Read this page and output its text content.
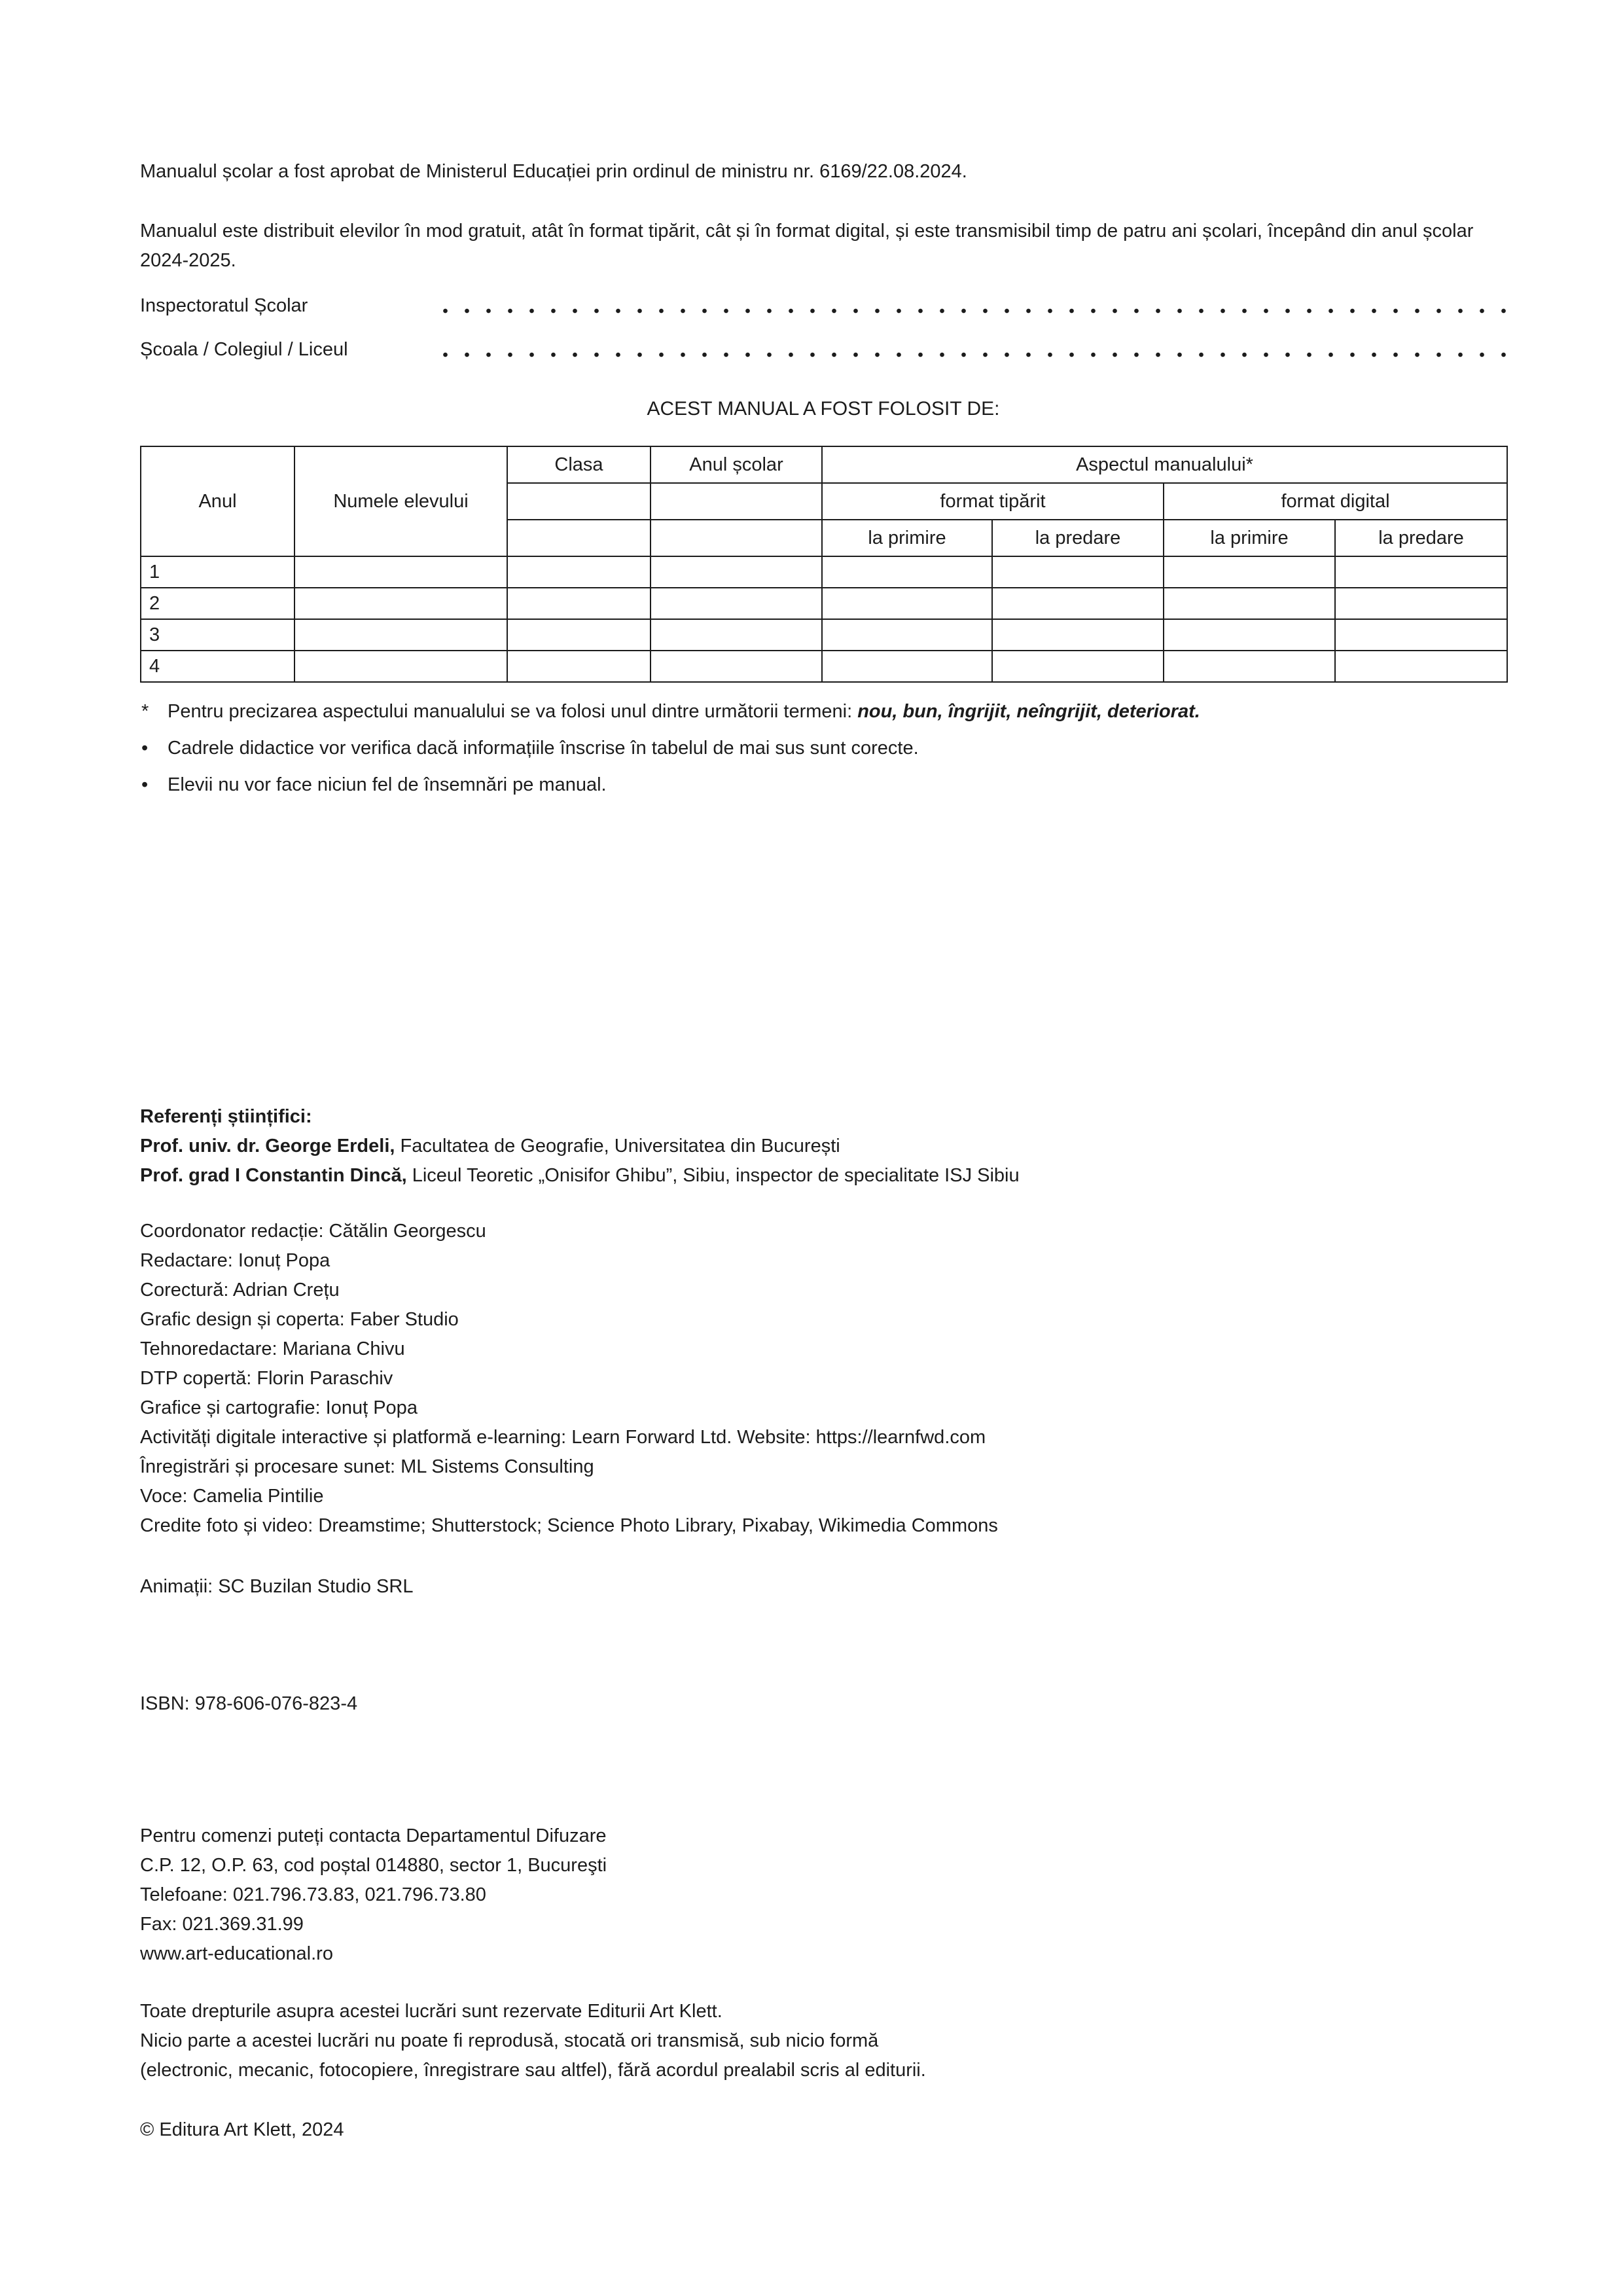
Manualul școlar a fost aprobat de Ministerul Educației prin ordinul de ministru nr. 6169/22.08.2024.

Manualul este distribuit elevilor în mod gratuit, atât în format tipărit, cât și în format digital, și este transmisibil timp de patru ani școlari, începând din anul școlar 2024-2025.

Inspectoratul Școlar
Școala / Colegiul / Liceul

ACEST MANUAL A FOST FOLOSIT DE:

Anul	Numele elevului	Clasa	Anul școlar	Aspectul manualului*			
				format tipărit		format digital	
				la primire	la predare	la primire	la predare
1							
2							
3							
4							

* Pentru precizarea aspectului manualului se va folosi unul dintre următorii termeni: nou, bun, îngrijit, neîngrijit, deteriorat.

• Cadrele didactice vor verifica dacă informațiile înscrise în tabelul de mai sus sunt corecte.

• Elevii nu vor face niciun fel de însemnări pe manual.

Referenți științifici:

Prof. univ. dr. George Erdeli, Facultatea de Geografie, Universitatea din București

Prof. grad I Constantin Dincă, Liceul Teoretic „Onisifor Ghibu”, Sibiu, inspector de specialitate ISJ Sibiu

Coordonator redacție: Cătălin Georgescu

Redactare: Ionuț Popa

Corectură: Adrian Crețu

Grafic design și coperta: Faber Studio

Tehnoredactare: Mariana Chivu

DTP copertă: Florin Paraschiv

Grafice și cartografie: Ionuț Popa

Activități digitale interactive și platformă e-learning: Learn Forward Ltd. Website: https://learnfwd.com

Înregistrări și procesare sunet: ML Sistems Consulting

Voce: Camelia Pintilie

Credite foto și video: Dreamstime; Shutterstock; Science Photo Library, Pixabay, Wikimedia Commons

Animații: SC Buzilan Studio SRL

ISBN: 978-606-076-823-4

Pentru comenzi puteți contacta Departamentul Difuzare

C.P. 12, O.P. 63, cod poștal 014880, sector 1, Bucureşti

Telefoane: 021.796.73.83, 021.796.73.80

Fax: 021.369.31.99

www.art-educational.ro

Toate drepturile asupra acestei lucrări sunt rezervate Editurii Art Klett.

Nicio parte a acestei lucrări nu poate fi reprodusă, stocată ori transmisă, sub nicio formă

(electronic, mecanic, fotocopiere, înregistrare sau altfel), fără acordul prealabil scris al editurii.

© Editura Art Klett, 2024
